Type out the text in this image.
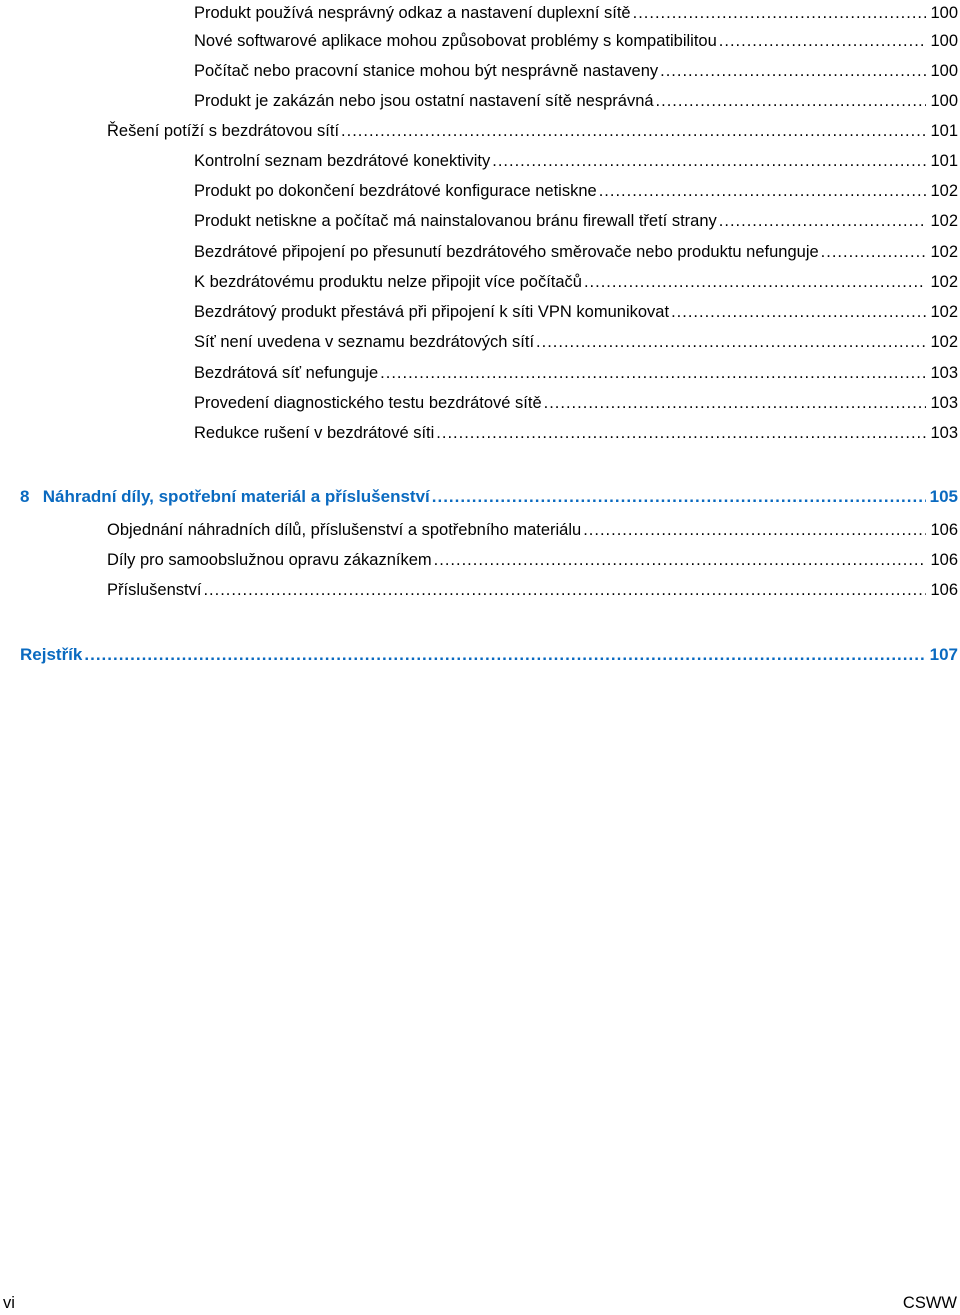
Produkt používá nesprávný odkaz a nastavení duplexní sítě .....	100
Nové softwarové aplikace mohou způsobovat problémy s kompatibilitou .....	100
Počítač nebo pracovní stanice mohou být nesprávně nastaveny .....	100
Produkt je zakázán nebo jsou ostatní nastavení sítě nesprávná .....	100
Řešení potíží s bezdrátovou sítí .....	101
Kontrolní seznam bezdrátové konektivity .....	101
Produkt po dokončení bezdrátové konfigurace netiskne .....	102
Produkt netiskne a počítač má nainstalovanou bránu firewall třetí strany .....	102
Bezdrátové připojení po přesunutí bezdrátového směrovače nebo produktu nefunguje .....	102
K bezdrátovému produktu nelze připojit více počítačů .....	102
Bezdrátový produkt přestává při připojení k síti VPN komunikovat .....	102
Síť není uvedena v seznamu bezdrátových sítí .....	102
Bezdrátová síť nefunguje .....	103
Provedení diagnostického testu bezdrátové sítě .....	103
Redukce rušení v bezdrátové síti .....	103
8 Náhradní díly, spotřební materiál a příslušenství .....	105
Objednání náhradních dílů, příslušenství a spotřebního materiálu .....	106
Díly pro samoobslužnou opravu zákazníkem .....	106
Příslušenství .....	106
Rejstřík .....	107
vi	CSWW
